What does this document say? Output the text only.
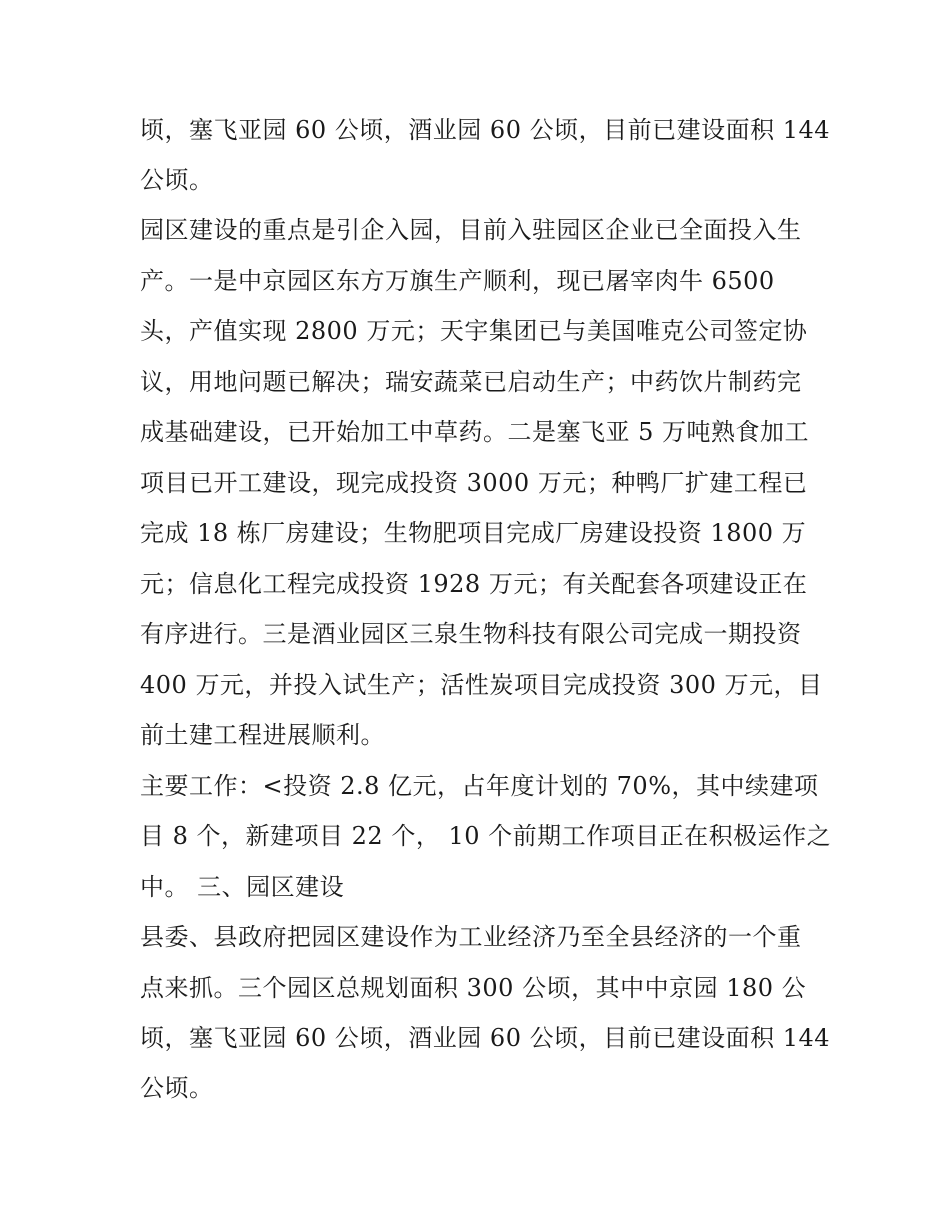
顷，塞飞亚园 60 公顷，酒业园 60 公顷，目前已建设面积 144
公顷。
园区建设的重点是引企入园，目前入驻园区企业已全面投入生
产。一是中京园区东方万旗生产顺利，现已屠宰肉牛 6500
头，产值实现 2800 万元；天宇集团已与美国唯克公司签定协
议，用地问题已解决；瑞安蔬菜已启动生产；中药饮片制药完
成基础建设，已开始加工中草药。二是塞飞亚 5 万吨熟食加工
项目已开工建设，现完成投资 3000 万元；种鸭厂扩建工程已
完成 18 栋厂房建设；生物肥项目完成厂房建设投资 1800 万
元；信息化工程完成投资 1928 万元；有关配套各项建设正在
有序进行。三是酒业园区三泉生物科技有限公司完成一期投资
400 万元，并投入试生产；活性炭项目完成投资 300 万元，目
前土建工程进展顺利。
主要工作：<投资 2.8 亿元，占年度计划的 70%，其中续建项
目 8 个，新建项目 22 个， 10 个前期工作项目正在积极运作之
中。 三、园区建设
县委、县政府把园区建设作为工业经济乃至全县经济的一个重
点来抓。三个园区总规划面积 300 公顷，其中中京园 180 公
顷，塞飞亚园 60 公顷，酒业园 60 公顷，目前已建设面积 144
公顷。
